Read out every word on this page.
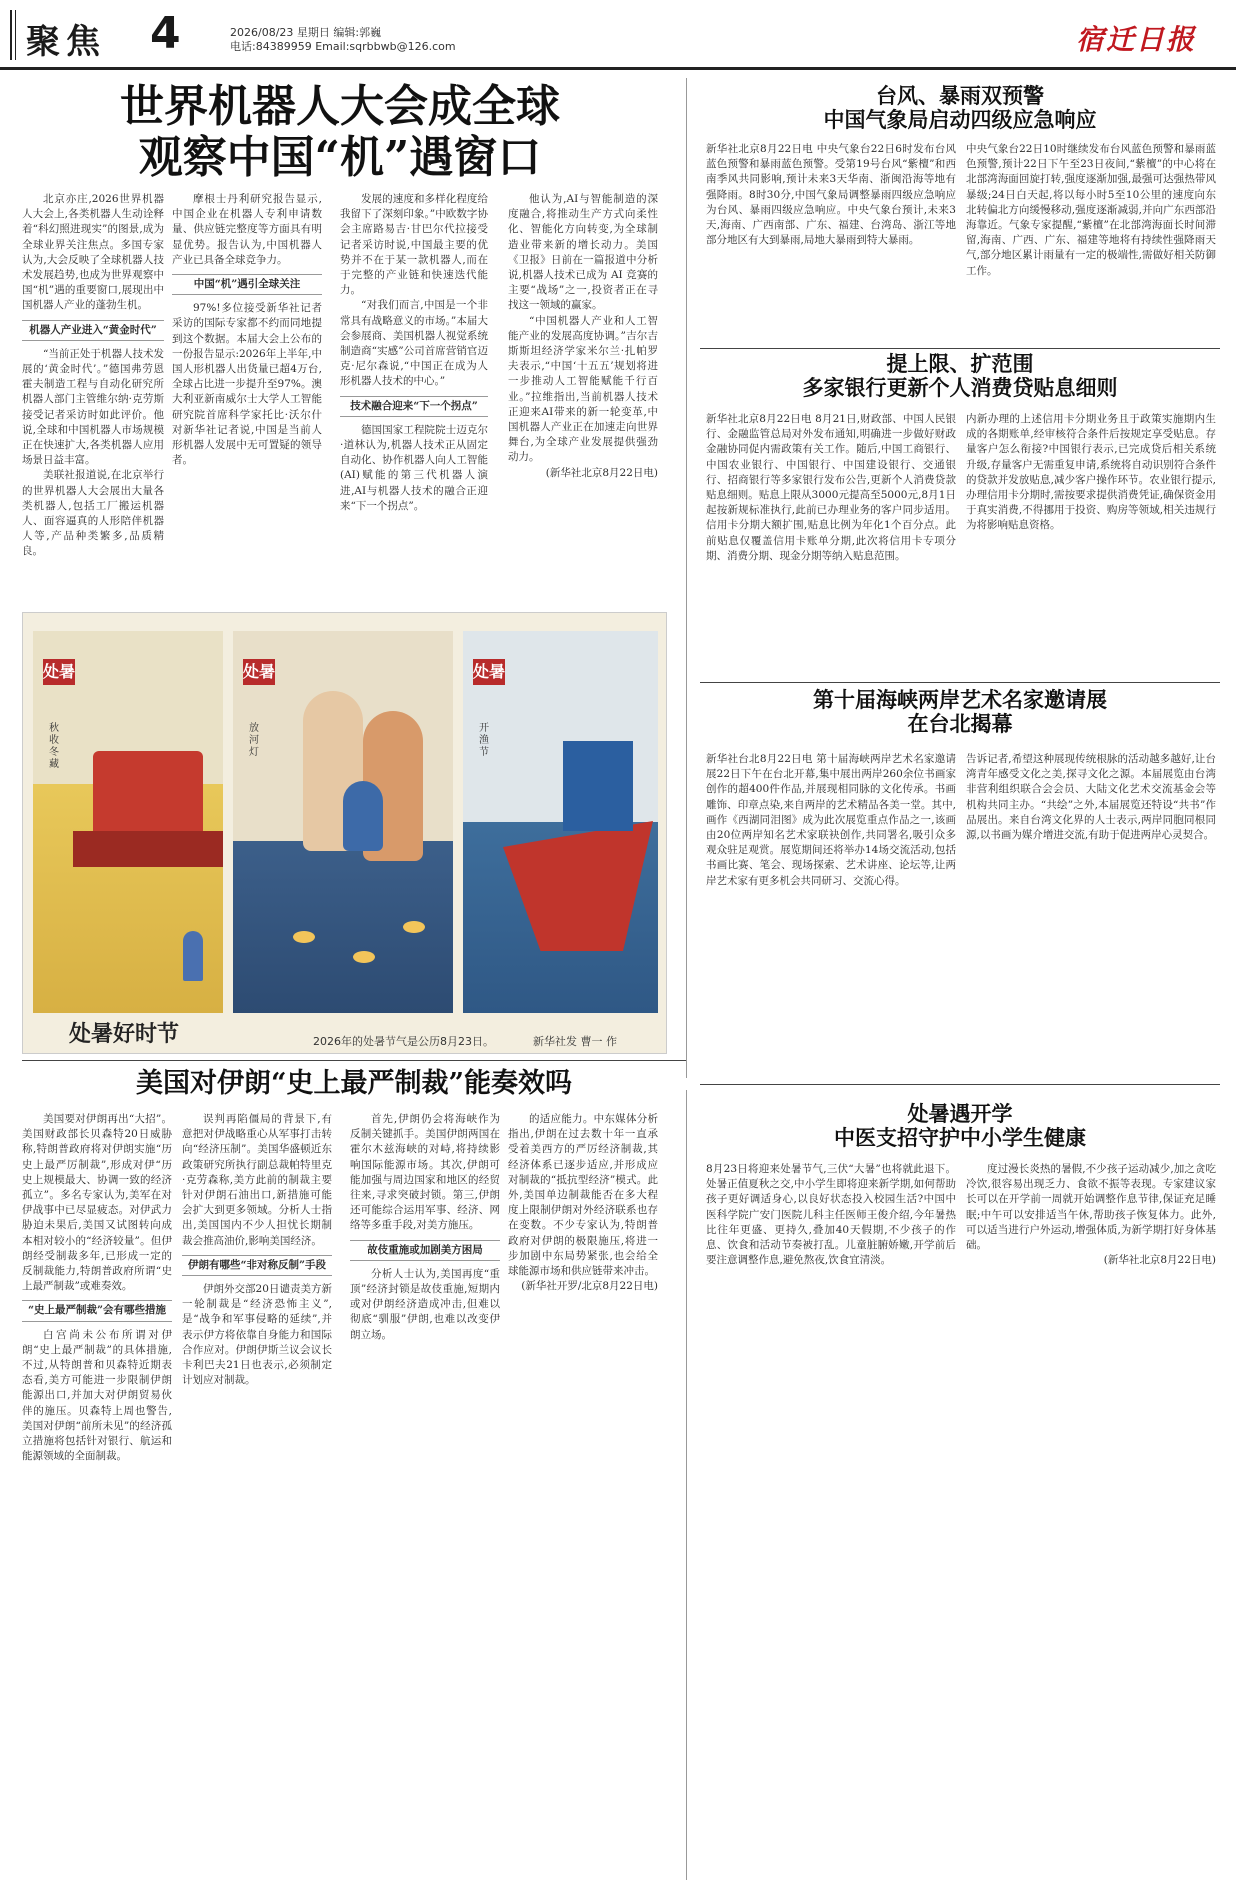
聚焦 4	2026/08/23 星期日 编辑:郭巍
电话:84389959 Email:sqrbbwb@126.com	宿迁日报
世界机器人大会成全球
观察中国“机”遇窗口

北京亦庄,2026世界机器人大会上,各类机器人生动诠释着“科幻照进现实”的图景,成为全球业界关注焦点。多国专家认为,大会反映了全球机器人技术发展趋势,也成为世界观察中国“机”遇的重要窗口,展现出中国机器人产业的蓬勃生机。

机器人产业进入“黄金时代”

“当前正处于机器人技术发展的‘黄金时代’。”德国弗劳恩霍夫制造工程与自动化研究所机器人部门主管维尔纳·克劳斯接受记者采访时如此评价。他说,全球和中国机器人市场规模正在快速扩大,各类机器人应用场景日益丰富。

美联社报道说,在北京举行的世界机器人大会展出大量各类机器人,包括工厂搬运机器人、面容逼真的人形陪伴机器人等,产品种类繁多,品质精良。

摩根士丹利研究报告显示,中国企业在机器人专利申请数量、供应链完整度等方面具有明显优势。报告认为,中国机器人产业已具备全球竞争力。

中国“机”遇引全球关注

97%!多位接受新华社记者采访的国际专家都不约而同地提到这个数据。本届大会上公布的一份报告显示:2026年上半年,中国人形机器人出货量已超4万台,全球占比进一步提升至97%。澳大利亚新南威尔士大学人工智能研究院首席科学家托比·沃尔什对新华社记者说,中国是当前人形机器人发展中无可置疑的领导者。

发展的速度和多样化程度给我留下了深刻印象。”中欧数字协会主席路易吉·甘巴尔代拉接受记者采访时说,中国最主要的优势并不在于某一款机器人,而在于完整的产业链和快速迭代能力。

“对我们而言,中国是一个非常具有战略意义的市场。”本届大会参展商、美国机器人视觉系统制造商“实感”公司首席营销官迈克·尼尔森说,“中国正在成为人形机器人技术的中心。”

技术融合迎来“下一个拐点”

德国国家工程院院士迈克尔·道林认为,机器人技术正从固定自动化、协作机器人向人工智能(AI)赋能的第三代机器人演进,AI与机器人技术的融合正迎来“下一个拐点”。

他认为,AI与智能制造的深度融合,将推动生产方式向柔性化、智能化方向转变,为全球制造业带来新的增长动力。美国《卫报》日前在一篇报道中分析说,机器人技术已成为 AI 竞赛的主要“战场”之一,投资者正在寻找这一领域的赢家。

“中国机器人产业和人工智能产业的发展高度协调。”吉尔吉斯斯坦经济学家米尔兰·扎帕罗夫表示,“中国‘十五五’规划将进一步推动人工智能赋能千行百业。”拉维指出,当前机器人技术正迎来AI带来的新一轮变革,中国机器人产业正在加速走向世界舞台,为全球产业发展提供强劲动力。

(新华社北京8月22日电)
台风、暴雨双预警
中国气象局启动四级应急响应
新华社北京8月22日电 中央气象台22日6时发布台风蓝色预警和暴雨蓝色预警。受第19号台风“紫檀”和西南季风共同影响,预计未来3天华南、浙闽沿海等地有强降雨。8时30分,中国气象局调整暴雨四级应急响应为台风、暴雨四级应急响应。中央气象台预计,未来3天,海南、广西南部、广东、福建、台湾岛、浙江等地部分地区有大到暴雨,局地大暴雨到特大暴雨。
中央气象台22日10时继续发布台风蓝色预警和暴雨蓝色预警,预计22日下午至23日夜间,“紫檀”的中心将在北部湾海面回旋打转,强度逐渐加强,最强可达强热带风暴级;24日白天起,将以每小时5至10公里的速度向东北转偏北方向缓慢移动,强度逐渐减弱,并向广东西部沿海靠近。气象专家提醒,“紫檀”在北部湾海面长时间滞留,海南、广西、广东、福建等地将有持续性强降雨天气,部分地区累计雨量有一定的极端性,需做好相关防御工作。
提上限、扩范围
多家银行更新个人消费贷贴息细则
新华社北京8月22日电 8月21日,财政部、中国人民银行、金融监管总局对外发布通知,明确进一步做好财政金融协同促内需政策有关工作。随后,中国工商银行、中国农业银行、中国银行、中国建设银行、交通银行、招商银行等多家银行发布公告,更新个人消费贷款贴息细则。贴息上限从3000元提高至5000元,8月1日起按新规标准执行,此前已办理业务的客户同步适用。信用卡分期大额扩围,贴息比例为年化1个百分点。此前贴息仅覆盖信用卡账单分期,此次将信用卡专项分期、消费分期、现金分期等纳入贴息范围。
内新办理的上述信用卡分期业务且于政策实施期内生成的各期账单,经审核符合条件后按规定享受贴息。存量客户怎么衔接?中国银行表示,已完成贷后相关系统升级,存量客户无需重复申请,系统将自动识别符合条件的贷款并发放贴息,减少客户操作环节。农业银行提示,办理信用卡分期时,需按要求提供消费凭证,确保资金用于真实消费,不得挪用于投资、购房等领域,相关违规行为将影响贴息资格。
第十届海峡两岸艺术名家邀请展
在台北揭幕
新华社台北8月22日电 第十届海峡两岸艺术名家邀请展22日下午在台北开幕,集中展出两岸260余位书画家创作的超400件作品,并展现相同脉的文化传承。书画雕饰、印章点染,来自两岸的艺术精品各美一堂。其中,画作《西湖同泪图》成为此次展览重点作品之一,该画由20位两岸知名艺术家联袂创作,共同署名,吸引众多观众驻足观赏。展览期间还将举办14场交流活动,包括书画比赛、笔会、现场探索、艺术讲座、论坛等,让两岸艺术家有更多机会共同研习、交流心得。
告诉记者,希望这种展现传统根脉的活动越多越好,让台湾青年感受文化之美,探寻文化之源。本届展览由台湾非营利组织联合会会员、大陆文化艺术交流基金会等机构共同主办。“共绘”之外,本届展览还特设“共书”作品展出。来自台湾文化界的人士表示,两岸同胞同根同源,以书画为媒介增进交流,有助于促进两岸心灵契合。
处暑
秋收冬藏
处暑
放河灯
处暑
开渔节
处暑好时节	2026年的处暑节气是公历8月23日。	新华社发 曹一 作
美国对伊朗“史上最严制裁”能奏效吗

美国要对伊朗再出“大招”。美国财政部长贝森特20日威胁称,特朗普政府将对伊朗实施“历史上最严厉制裁”,形成对伊“历史上规模最大、协调一致的经济孤立”。多名专家认为,美军在对伊战事中已尽显疲态。对伊武力胁迫未果后,美国又试图转向成本相对较小的“经济较量”。但伊朗经受制裁多年,已形成一定的反制裁能力,特朗普政府所谓“史上最严制裁”或难奏效。

“史上最严制裁”会有哪些措施

白宫尚未公布所谓对伊朗“史上最严制裁”的具体措施,不过,从特朗普和贝森特近期表态看,美方可能进一步限制伊朗能源出口,并加大对伊朗贸易伙伴的施压。贝森特上周也警告,美国对伊朗“前所未见”的经济孤立措施将包括针对银行、航运和能源领域的全面制裁。

误判再陷僵局的背景下,有意把对伊战略重心从军事打击转向“经济压制”。美国华盛顿近东政策研究所执行副总裁帕特里克·克劳森称,美方此前的制裁主要针对伊朗石油出口,新措施可能会扩大到更多领域。分析人士指出,美国国内不少人担忧长期制裁会推高油价,影响美国经济。

伊朗有哪些“非对称反制”手段

伊朗外交部20日谴责美方新一轮制裁是“经济恐怖主义”,是“战争和军事侵略的延续”,并表示伊方将依靠自身能力和国际合作应对。伊朗伊斯兰议会议长卡利巴夫21日也表示,必须制定计划应对制裁。

首先,伊朗仍会将海峡作为反制关键抓手。美国伊朗两国在霍尔木兹海峡的对峙,将持续影响国际能源市场。其次,伊朗可能加强与周边国家和地区的经贸往来,寻求突破封锁。第三,伊朗还可能综合运用军事、经济、网络等多重手段,对美方施压。

故伎重施或加剧美方困局

分析人士认为,美国再度“重顶”经济封锁是故伎重施,短期内或对伊朗经济造成冲击,但难以彻底“驯服”伊朗,也难以改变伊朗立场。

的适应能力。中东媒体分析指出,伊朗在过去数十年一直承受着美西方的严厉经济制裁,其经济体系已逐步适应,并形成应对制裁的“抵抗型经济”模式。此外,美国单边制裁能否在多大程度上限制伊朗对外经济联系也存在变数。不少专家认为,特朗普政府对伊朗的极限施压,将进一步加剧中东局势紧张,也会给全球能源市场和供应链带来冲击。

(新华社开罗/北京8月22日电)
处暑遇开学
中医支招守护中小学生健康
8月23日将迎来处暑节气,三伏“大暑”也将就此退下。处暑正值夏秋之交,中小学生即将迎来新学期,如何帮助孩子更好调适身心,以良好状态投入校园生活?中国中医科学院广安门医院儿科主任医师王俊介绍,今年暑热比往年更盛、更持久,叠加40天假期,不少孩子的作息、饮食和活动节奏被打乱。儿童脏腑娇嫩,开学前后要注意调整作息,避免熬夜,饮食宜清淡。

度过漫长炎热的暑假,不少孩子运动减少,加之贪吃冷饮,很容易出现乏力、食欲不振等表现。专家建议家长可以在开学前一周就开始调整作息节律,保证充足睡眠;中午可以安排适当午休,帮助孩子恢复体力。此外,可以适当进行户外运动,增强体质,为新学期打好身体基础。

(新华社北京8月22日电)
